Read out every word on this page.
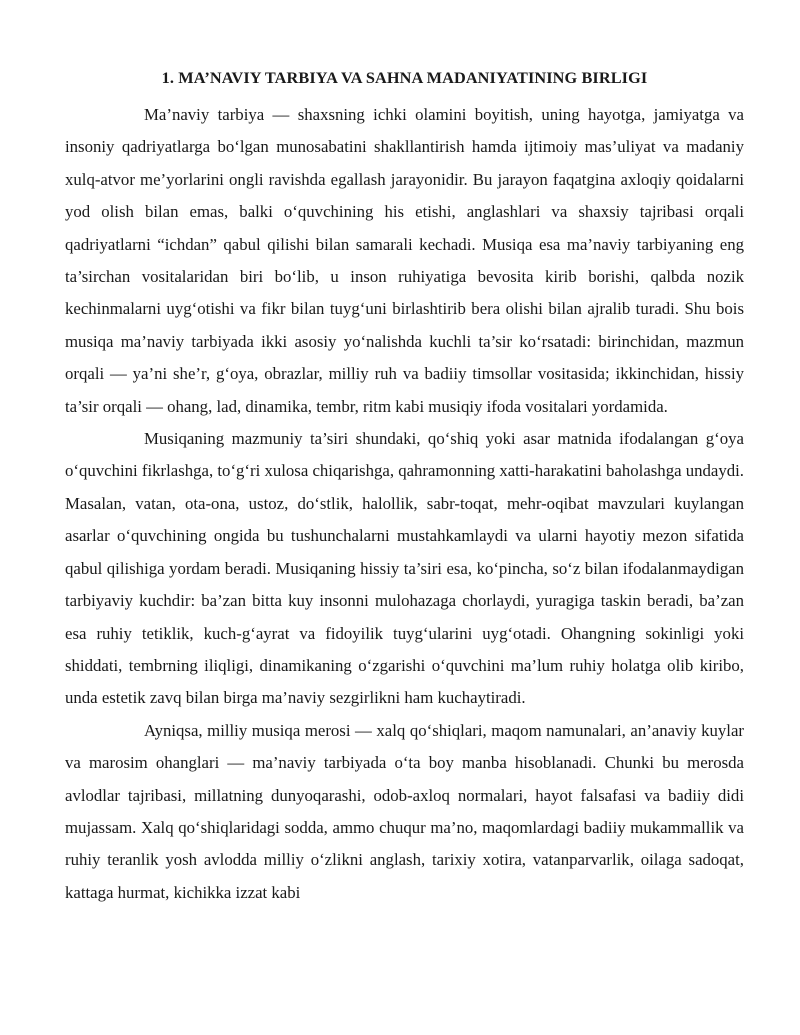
1. MA’NAVIY TARBIYA VA SAHNA MADANIYATINING BIRLIGI

Ma’naviy tarbiya — shaxsning ichki olamini boyitish, uning hayotga, jamiyatga va insoniy qadriyatlarga bo‘lgan munosabatini shakllantirish hamda ijtimoiy mas’uliyat va madaniy xulq-atvor me’yorlarini ongli ravishda egallash jarayonidir. Bu jarayon faqatgina axloqiy qoidalarni yod olish bilan emas, balki o‘quvchining his etishi, anglashlari va shaxsiy tajribasi orqali qadriyatlarni “ichdan” qabul qilishi bilan samarali kechadi. Musiqa esa ma’naviy tarbiyaning eng ta’sirchan vositalaridan biri bo‘lib, u inson ruhiyatiga bevosita kirib borishi, qalbda nozik kechinmalarni uyg‘otishi va fikr bilan tuyg‘uni birlashtirib bera olishi bilan ajralib turadi. Shu bois musiqa ma’naviy tarbiyada ikki asosiy yo‘nalishda kuchli ta’sir ko‘rsatadi: birinchidan, mazmun orqali — ya’ni she’r, g‘oya, obrazlar, milliy ruh va badiiy timsollar vositasida; ikkinchidan, hissiy ta’sir orqali — ohang, lad, dinamika, tembr, ritm kabi musiqiy ifoda vositalari yordamida.

Musiqaning mazmuniy ta’siri shundaki, qo‘shiq yoki asar matnida ifodalangan g‘oya o‘quvchini fikrlashga, to‘g‘ri xulosa chiqarishga, qahramonning xatti-harakatini baholashga undaydi. Masalan, vatan, ota-ona, ustoz, do‘stlik, halollik, sabr-toqat, mehr-oqibat mavzulari kuylangan asarlar o‘quvchining ongida bu tushunchalarni mustahkamlaydi va ularni hayotiy mezon sifatida qabul qilishiga yordam beradi. Musiqaning hissiy ta’siri esa, ko‘pincha, so‘z bilan ifodalanmaydigan tarbiyaviy kuchdir: ba’zan bitta kuy insonni mulohazaga chorlaydi, yuragiga taskin beradi, ba’zan esa ruhiy tetiklik, kuch-g‘ayrat va fidoyilik tuyg‘ularini uyg‘otadi. Ohangning sokinligi yoki shiddati, tembrning iliqligi, dinamikaning o‘zgarishi o‘quvchini ma’lum ruhiy holatga olib kiribo, unda estetik zavq bilan birga ma’naviy sezgirlikni ham kuchaytiradi.

Ayniqsa, milliy musiqa merosi — xalq qo‘shiqlari, maqom namunalari, an’anaviy kuylar va marosim ohanglari — ma’naviy tarbiyada o‘ta boy manba hisoblanadi. Chunki bu merosda avlodlar tajribasi, millatning dunyoqarashi, odob-axloq normalari, hayot falsafasi va badiiy didi mujassam. Xalq qo‘shiqlaridagi sodda, ammo chuqur ma’no, maqomlardagi badiiy mukammallik va ruhiy teranlik yosh avlodda milliy o‘zlikni anglash, tarixiy xotira, vatanparvarlik, oilaga sadoqat, kattaga hurmat, kichikka izzat kabi
